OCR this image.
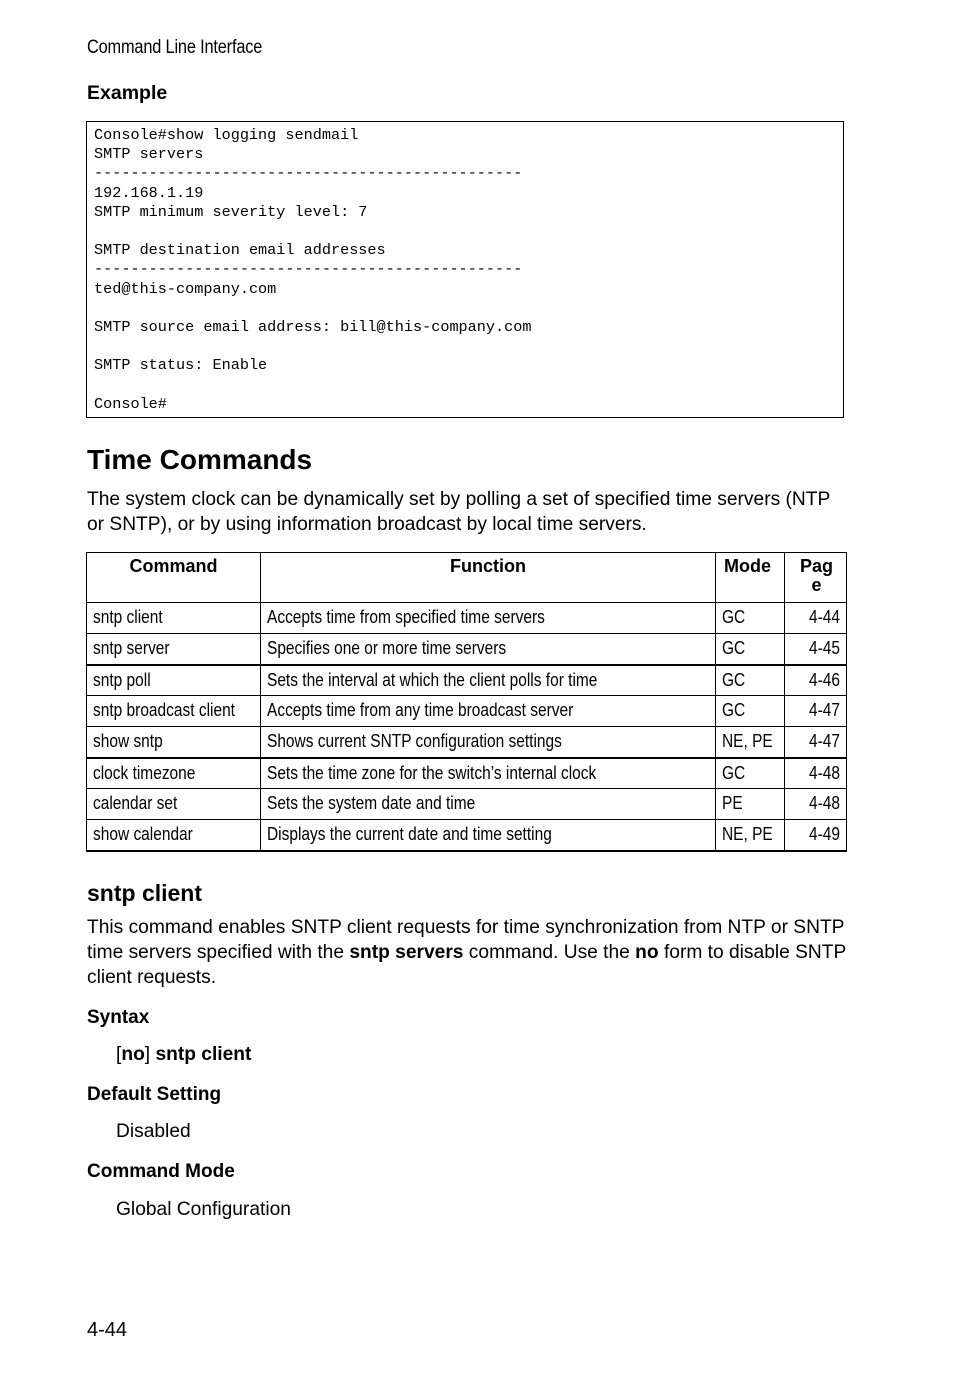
Command Line Interface
Example
Console#show logging sendmail
SMTP servers
-----------------------------------------------
192.168.1.19
SMTP minimum severity level: 7

SMTP destination email addresses
-----------------------------------------------
ted@this-company.com

SMTP source email address: bill@this-company.com

SMTP status: Enable

Console#
Time Commands

The system clock can be dynamically set by polling a set of specified time servers (NTP or SNTP), or by using information broadcast by local time servers.

Command	Function	Mode	Pag e
sntp client	Accepts time from specified time servers	GC	4-44
sntp server	Specifies one or more time servers	GC	4-45
sntp poll	Sets the interval at which the client polls for time	GC	4-46
sntp broadcast client	Accepts time from any time broadcast server	GC	4-47
show sntp	Shows current SNTP configuration settings	NE, PE	4-47
clock timezone	Sets the time zone for the switch’s internal clock	GC	4-48
calendar set	Sets the system date and time	PE	4-48
show calendar	Displays the current date and time setting	NE, PE	4-49
sntp client

This command enables SNTP client requests for time synchronization from NTP or SNTP time servers specified with the sntp servers command. Use the no form to disable SNTP client requests.

Syntax
[no] sntp client
Default Setting
Disabled
Command Mode
Global Configuration
4-44
